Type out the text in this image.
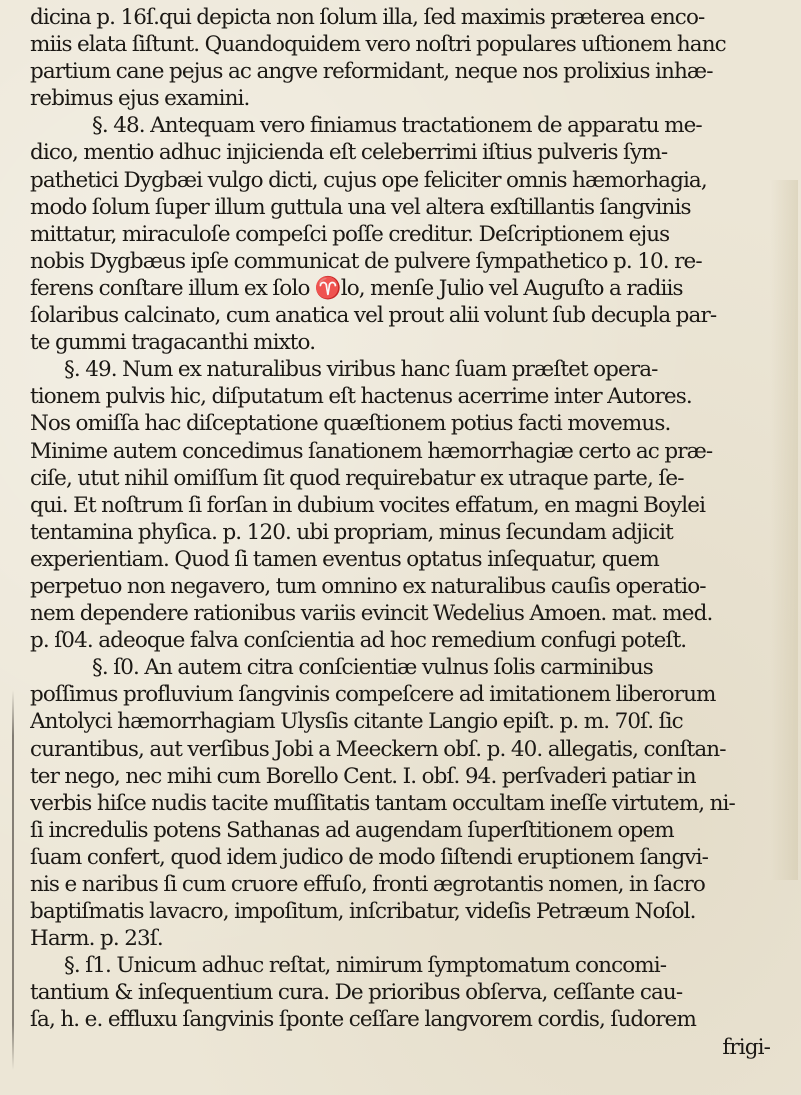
dicina p. 16ſ.qui depicta non ſolum illa, ſed maximis præterea enco-
miis elata ſiſtunt. Quandoquidem vero noſtri populares uſtionem hanc
partium cane pejus ac angve reformidant, neque nos prolixius inhæ-
rebimus ejus examini.
§. 48. Antequam vero finiamus tractationem de apparatu me-
dico, mentio adhuc injicienda eſt celeberrimi iſtius pulveris ſym-
pathetici Dygbæi vulgo dicti, cujus ope feliciter omnis hæmorhagia,
modo ſolum ſuper illum guttula una vel altera exſtillantis ſangvinis
mittatur, miraculoſe compeſci poſſe creditur. Deſcriptionem ejus
nobis Dygbæus ipſe communicat de pulvere ſympathetico p. 10. re-
ferens conſtare illum ex ſolo ♈lo, menſe Julio vel Auguſto a radiis
ſolaribus calcinato, cum anatica vel prout alii volunt ſub decupla par-
te gummi tragacanthi mixto.
§. 49. Num ex naturalibus viribus hanc ſuam præſtet opera-
tionem pulvis hic, diſputatum eſt hactenus acerrime inter Autores.
Nos omiſſa hac diſceptatione quæſtionem potius facti movemus.
Minime autem concedimus ſanationem hæmorrhagiæ certo ac præ-
ciſe, utut nihil omiſſum ſit quod requirebatur ex utraque parte, ſe-
qui. Et noſtrum ſi forſan in dubium vocites effatum, en magni Boylei
tentamina phyſica. p. 120. ubi propriam, minus ſecundam adjicit
experientiam. Quod ſi tamen eventus optatus inſequatur, quem
perpetuo non negavero, tum omnino ex naturalibus cauſis operatio-
nem dependere rationibus variis evincit Wedelius Amoen. mat. med.
p. ſ04. adeoque falva conſcientia ad hoc remedium confugi poteſt.
§. ſ0. An autem citra conſcientiæ vulnus ſolis carminibus
poſſimus profluvium ſangvinis compeſcere ad imitationem liberorum
Antolyci hæmorrhagiam Ulysſis citante Langio epiſt. p. m. 70ſ. ſic
curantibus, aut verſibus Jobi a Meeckern obſ. p. 40. allegatis, conſtan-
ter nego, nec mihi cum Borello Cent. I. obſ. 94. perſvaderi patiar in
verbis hiſce nudis tacite muſſitatis tantam occultam ineſſe virtutem, ni-
ſi incredulis potens Sathanas ad augendam ſuperſtitionem opem
ſuam confert, quod idem judico de modo ſiſtendi eruptionem ſangvi-
nis e naribus ſi cum cruore effuſo, fronti ægrotantis nomen, in ſacro
baptiſmatis lavacro, impoſitum, inſcribatur, videſis Petræum Noſol.
Harm. p. 23ſ.
§. ſ1. Unicum adhuc reſtat, nimirum ſymptomatum concomi-
tantium & inſequentium cura. De prioribus obſerva, ceſſante cau-
ſa, h. e. effluxu ſangvinis ſponte ceſſare langvorem cordis, ſudorem
frigi-
